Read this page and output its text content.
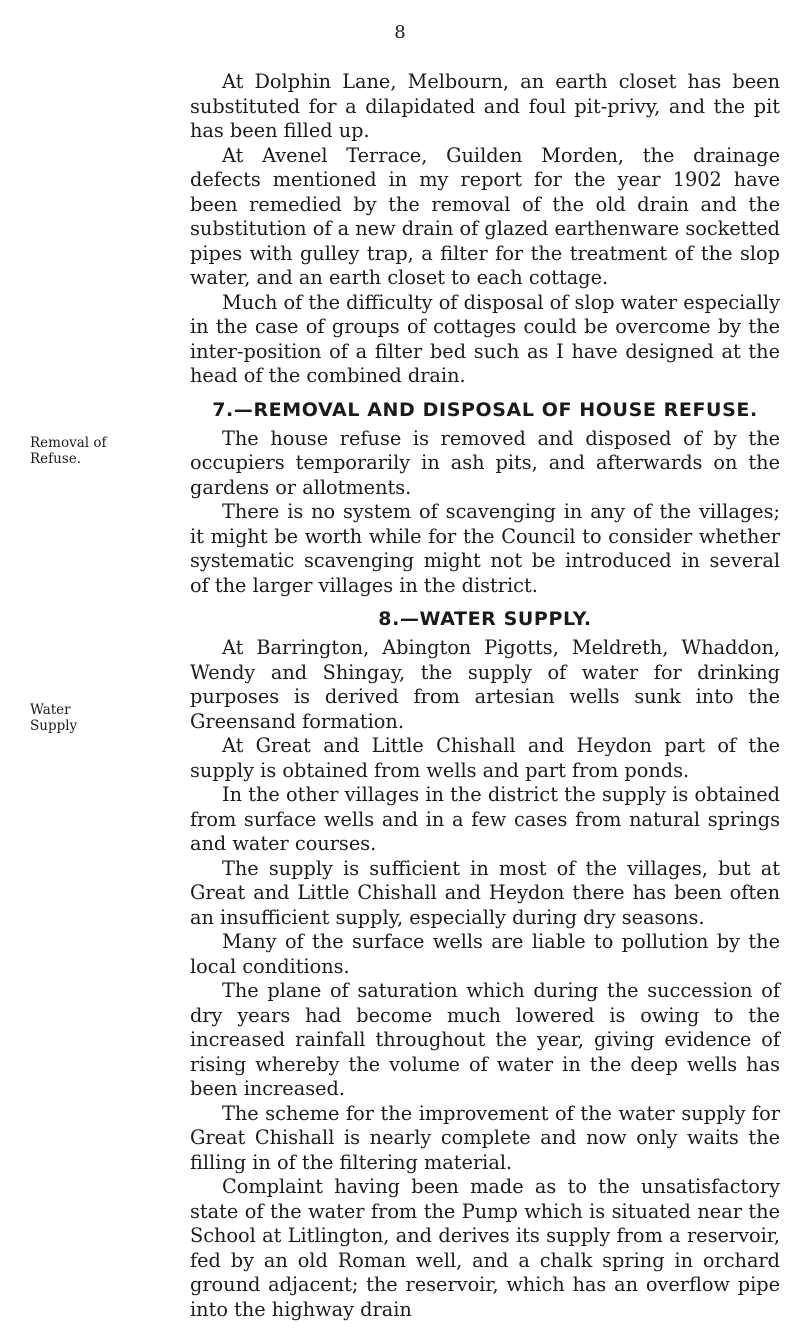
8
Removal of Refuse.
Water Supply

At Dolphin Lane, Melbourn, an earth closet has been substituted for a dilapidated and foul pit-privy, and the pit has been filled up.

At Avenel Terrace, Guilden Morden, the drainage defects mentioned in my report for the year 1902 have been remedied by the removal of the old drain and the substitution of a new drain of glazed earthenware socketted pipes with gulley trap, a filter for the treatment of the slop water, and an earth closet to each cottage.

Much of the difficulty of disposal of slop water especially in the case of groups of cottages could be overcome by the inter-position of a filter bed such as I have designed at the head of the combined drain.

7.—REMOVAL AND DISPOSAL OF HOUSE REFUSE.

The house refuse is removed and disposed of by the occupiers temporarily in ash pits, and afterwards on the gardens or allotments.

There is no system of scavenging in any of the villages; it might be worth while for the Council to consider whether systematic scavenging might not be introduced in several of the larger villages in the district.

8.—WATER SUPPLY.

At Barrington, Abington Pigotts, Meldreth, Whaddon, Wendy and Shingay, the supply of water for drinking purposes is derived from artesian wells sunk into the Greensand formation.

At Great and Little Chishall and Heydon part of the supply is obtained from wells and part from ponds.

In the other villages in the district the supply is obtained from surface wells and in a few cases from natural springs and water courses.

The supply is sufficient in most of the villages, but at Great and Little Chishall and Heydon there has been often an insufficient supply, especially during dry seasons.

Many of the surface wells are liable to pollution by the local conditions.

The plane of saturation which during the succession of dry years had become much lowered is owing to the increased rainfall throughout the year, giving evidence of rising whereby the volume of water in the deep wells has been increased.

The scheme for the improvement of the water supply for Great Chishall is nearly complete and now only waits the filling in of the filtering material.

Complaint having been made as to the unsatisfactory state of the water from the Pump which is situated near the School at Litlington, and derives its supply from a reservoir, fed by an old Roman well, and a chalk spring in orchard ground adjacent; the reservoir, which has an overflow pipe into the highway drain
